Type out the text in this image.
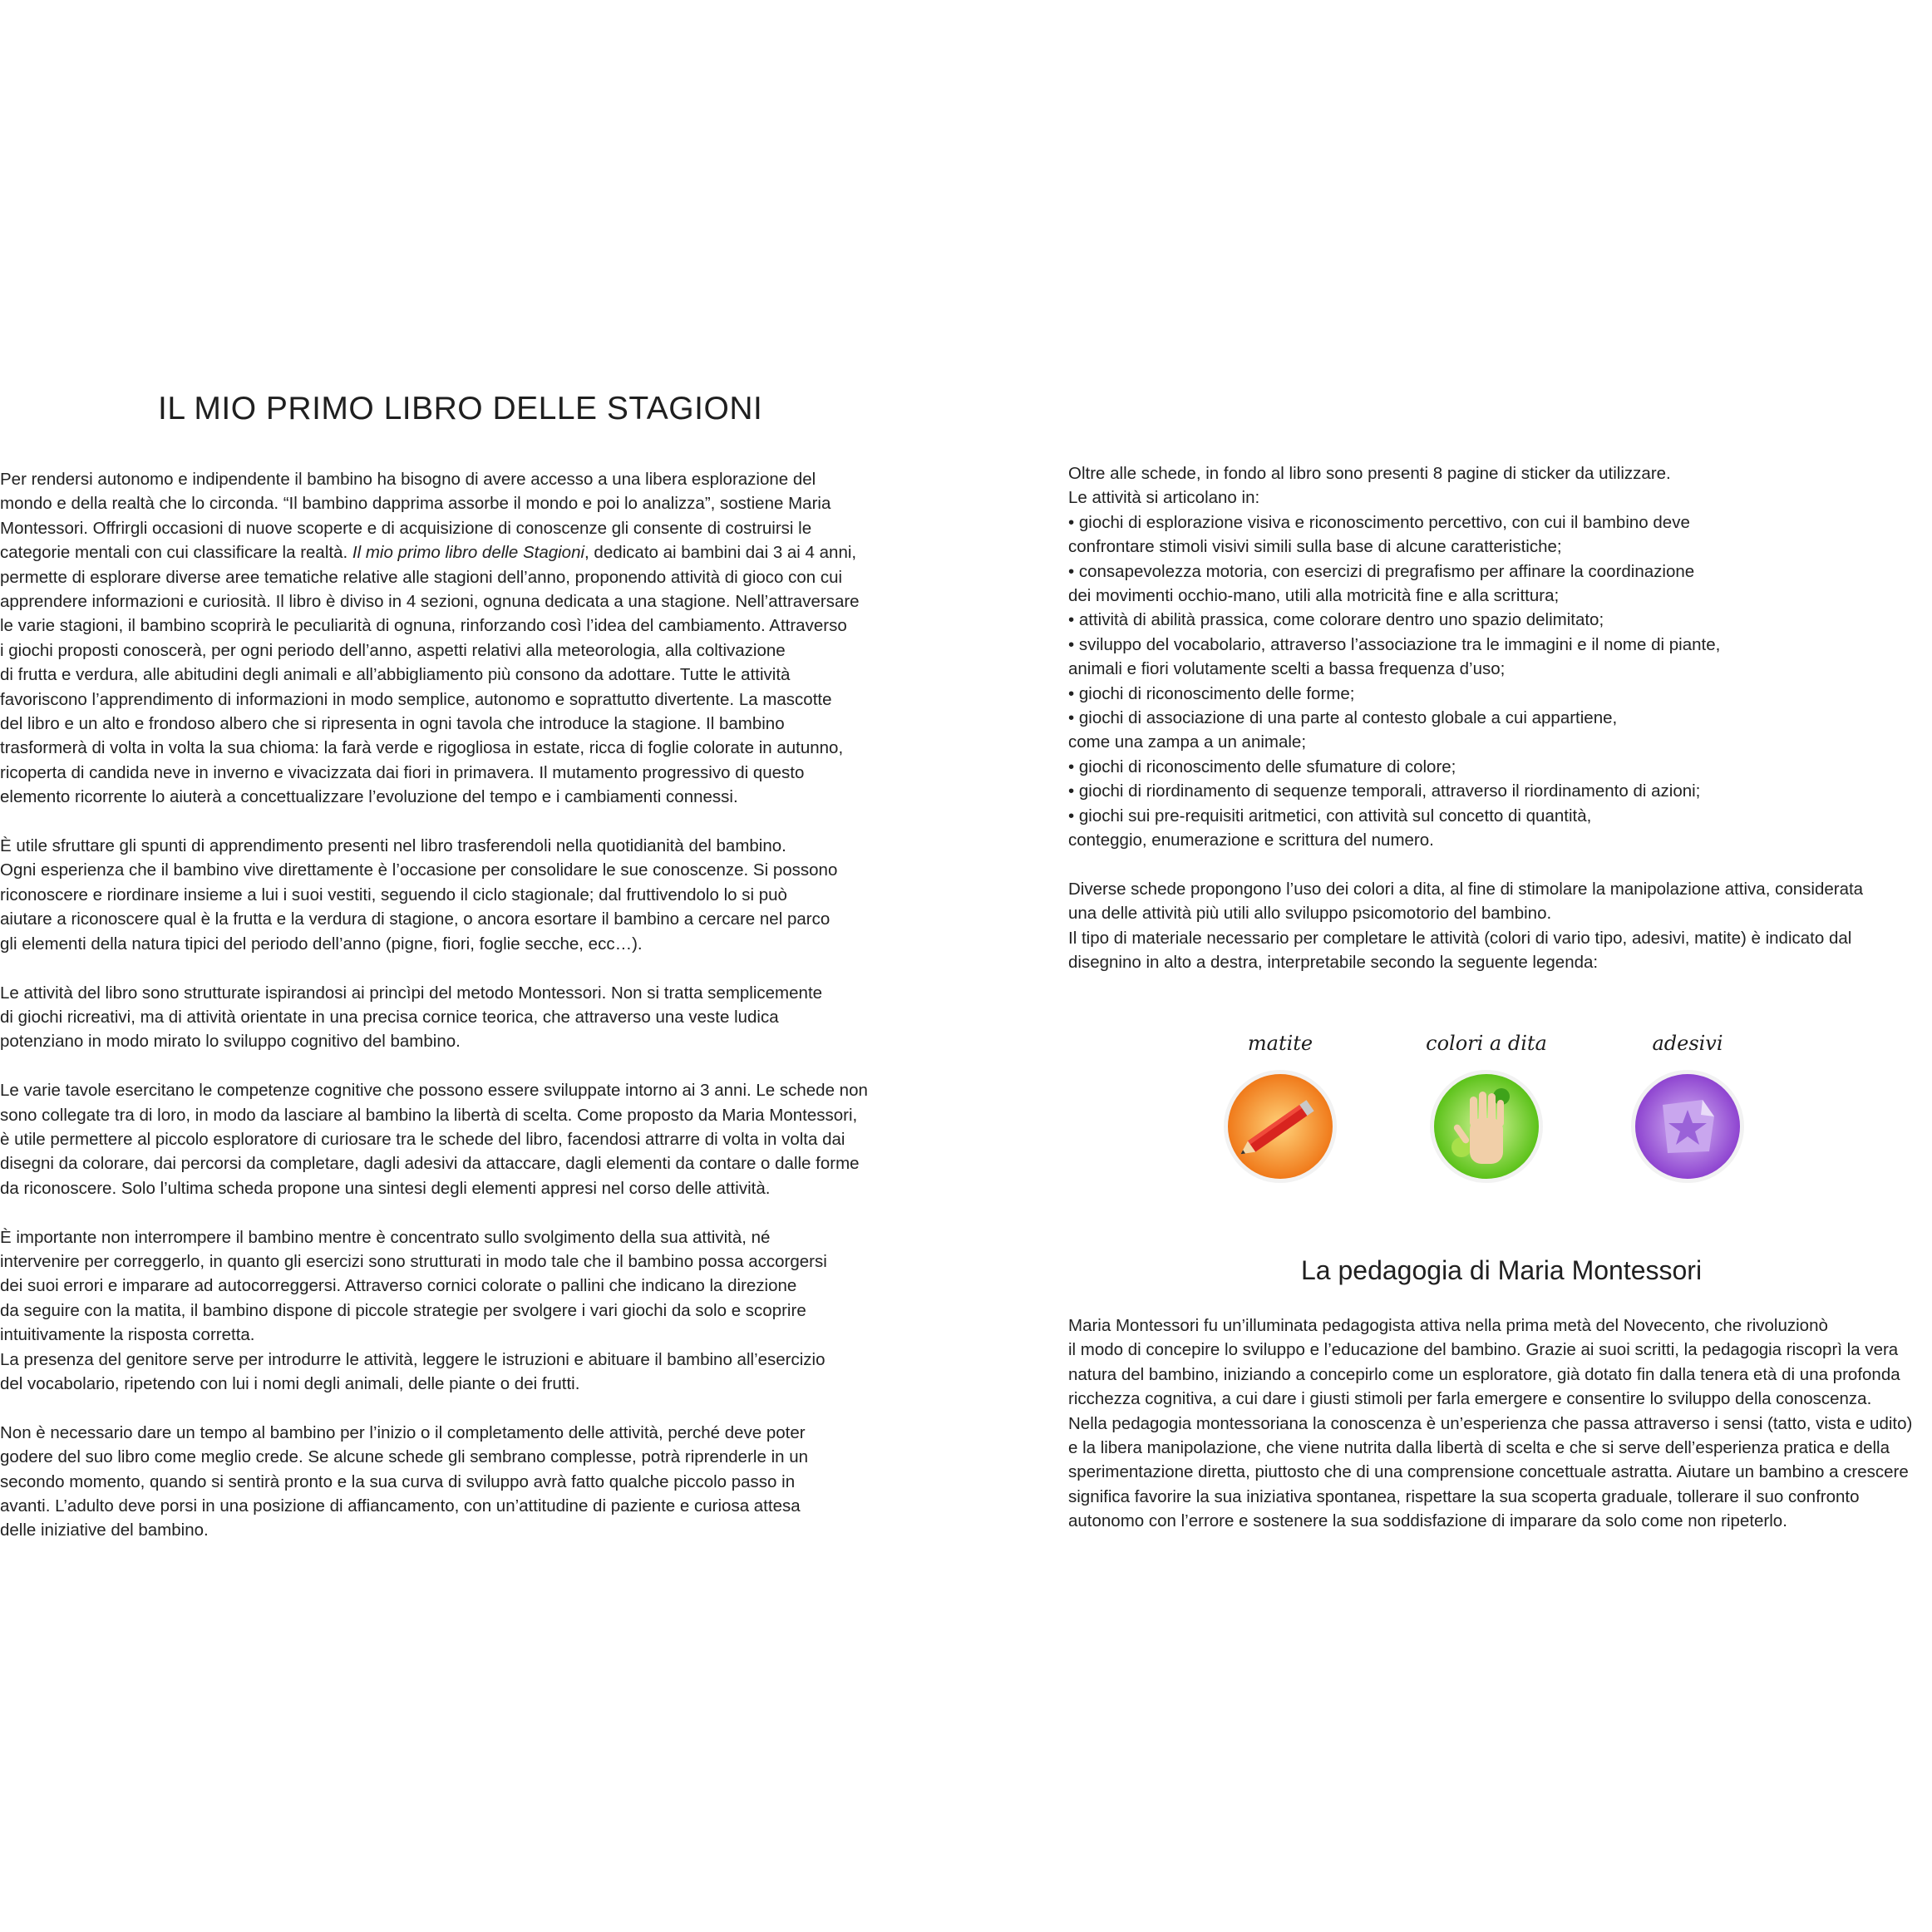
IL MIO PRIMO LIBRO DELLE STAGIONI
Per rendersi autonomo e indipendente il bambino ha bisogno di avere accesso a una libera esplorazione del
mondo e della realtà che lo circonda. “Il bambino dapprima assorbe il mondo e poi lo analizza”, sostiene Maria
Montessori. Offrirgli occasioni di nuove scoperte e di acquisizione di conoscenze gli consente di costruirsi le
categorie mentali con cui classificare la realtà. Il mio primo libro delle Stagioni, dedicato ai bambini dai 3 ai 4 anni,
permette di esplorare diverse aree tematiche relative alle stagioni dell’anno, proponendo attività di gioco con cui
apprendere informazioni e curiosità. Il libro è diviso in 4 sezioni, ognuna dedicata a una stagione. Nell’attraversare
le varie stagioni, il bambino scoprirà le peculiarità di ognuna, rinforzando così l’idea del cambiamento. Attraverso
i giochi proposti conoscerà, per ogni periodo dell’anno, aspetti relativi alla meteorologia, alla coltivazione
di frutta e verdura, alle abitudini degli animali e all’abbigliamento più consono da adottare. Tutte le attività
favoriscono l’apprendimento di informazioni in modo semplice, autonomo e soprattutto divertente. La mascotte
del libro e un alto e frondoso albero che si ripresenta in ogni tavola che introduce la stagione. Il bambino
trasformerà di volta in volta la sua chioma: la farà verde e rigogliosa in estate, ricca di foglie colorate in autunno,
ricoperta di candida neve in inverno e vivacizzata dai fiori in primavera. Il mutamento progressivo di questo
elemento ricorrente lo aiuterà a concettualizzare l’evoluzione del tempo e i cambiamenti connessi.
È utile sfruttare gli spunti di apprendimento presenti nel libro trasferendoli nella quotidianità del bambino.
Ogni esperienza che il bambino vive direttamente è l’occasione per consolidare le sue conoscenze. Si possono
riconoscere e riordinare insieme a lui i suoi vestiti, seguendo il ciclo stagionale; dal fruttivendolo lo si può
aiutare a riconoscere qual è la frutta e la verdura di stagione, o ancora esortare il bambino a cercare nel parco
gli elementi della natura tipici del periodo dell’anno (pigne, fiori, foglie secche, ecc…).
Le attività del libro sono strutturate ispirandosi ai princìpi del metodo Montessori. Non si tratta semplicemente
di giochi ricreativi, ma di attività orientate in una precisa cornice teorica, che attraverso una veste ludica
potenziano in modo mirato lo sviluppo cognitivo del bambino.
Le varie tavole esercitano le competenze cognitive che possono essere sviluppate intorno ai 3 anni. Le schede non
sono collegate tra di loro, in modo da lasciare al bambino la libertà di scelta. Come proposto da Maria Montessori,
è utile permettere al piccolo esploratore di curiosare tra le schede del libro, facendosi attrarre di volta in volta dai
disegni da colorare, dai percorsi da completare, dagli adesivi da attaccare, dagli elementi da contare o dalle forme
da riconoscere. Solo l’ultima scheda propone una sintesi degli elementi appresi nel corso delle attività.
È importante non interrompere il bambino mentre è concentrato sullo svolgimento della sua attività, né
intervenire per correggerlo, in quanto gli esercizi sono strutturati in modo tale che il bambino possa accorgersi
dei suoi errori e imparare ad autocorreggersi. Attraverso cornici colorate o pallini che indicano la direzione
da seguire con la matita, il bambino dispone di piccole strategie per svolgere i vari giochi da solo e scoprire
intuitivamente la risposta corretta.
La presenza del genitore serve per introdurre le attività, leggere le istruzioni e abituare il bambino all’esercizio
del vocabolario, ripetendo con lui i nomi degli animali, delle piante o dei frutti.
Non è necessario dare un tempo al bambino per l’inizio o il completamento delle attività, perché deve poter
godere del suo libro come meglio crede. Se alcune schede gli sembrano complesse, potrà riprenderle in un
secondo momento, quando si sentirà pronto e la sua curva di sviluppo avrà fatto qualche piccolo passo in
avanti. L’adulto deve porsi in una posizione di affiancamento, con un’attitudine di paziente e curiosa attesa
delle iniziative del bambino.
Oltre alle schede, in fondo al libro sono presenti 8 pagine di sticker da utilizzare.
Le attività si articolano in:
• giochi di esplorazione visiva e riconoscimento percettivo, con cui il bambino deve
confrontare stimoli visivi simili sulla base di alcune caratteristiche;
• consapevolezza motoria, con esercizi di pregrafismo per affinare la coordinazione
dei movimenti occhio-mano, utili alla motricità fine e alla scrittura;
• attività di abilità prassica, come colorare dentro uno spazio delimitato;
• sviluppo del vocabolario, attraverso l’associazione tra le immagini e il nome di piante,
animali e fiori volutamente scelti a bassa frequenza d’uso;
• giochi di riconoscimento delle forme;
• giochi di associazione di una parte al contesto globale a cui appartiene,
come una zampa a un animale;
• giochi di riconoscimento delle sfumature di colore;
• giochi di riordinamento di sequenze temporali, attraverso il riordinamento di azioni;
• giochi sui pre-requisiti aritmetici, con attività sul concetto di quantità,
conteggio, enumerazione e scrittura del numero.
Diverse schede propongono l’uso dei colori a dita, al fine di stimolare la manipolazione attiva, considerata
una delle attività più utili allo sviluppo psicomotorio del bambino.
Il tipo di materiale necessario per completare le attività (colori di vario tipo, adesivi, matite) è indicato dal
disegnino in alto a destra, interpretabile secondo la seguente legenda:
matite	colori a dita	adesivi
La pedagogia di Maria Montessori
Maria Montessori fu un’illuminata pedagogista attiva nella prima metà del Novecento, che rivoluzionò
il modo di concepire lo sviluppo e l’educazione del bambino. Grazie ai suoi scritti, la pedagogia riscoprì la vera
natura del bambino, iniziando a concepirlo come un esploratore, già dotato fin dalla tenera età di una profonda
ricchezza cognitiva, a cui dare i giusti stimoli per farla emergere e consentire lo sviluppo della conoscenza.
Nella pedagogia montessoriana la conoscenza è un’esperienza che passa attraverso i sensi (tatto, vista e udito)
e la libera manipolazione, che viene nutrita dalla libertà di scelta e che si serve dell’esperienza pratica e della
sperimentazione diretta, piuttosto che di una comprensione concettuale astratta. Aiutare un bambino a crescere
significa favorire la sua iniziativa spontanea, rispettare la sua scoperta graduale, tollerare il suo confronto
autonomo con l’errore e sostenere la sua soddisfazione di imparare da solo come non ripeterlo.
